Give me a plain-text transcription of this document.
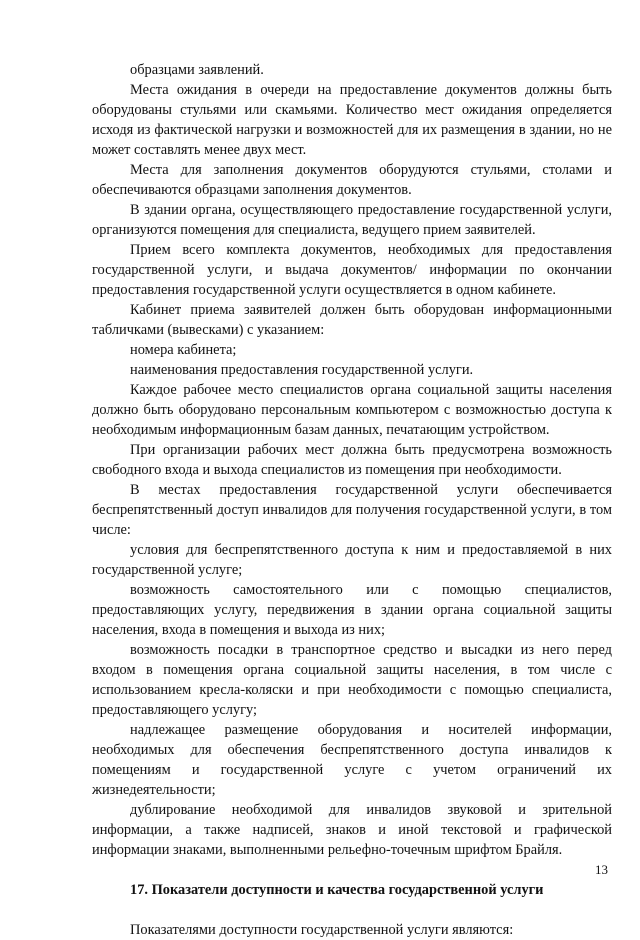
образцами заявлений.

Места ожидания в очереди на предоставление документов должны быть оборудованы стульями или скамьями. Количество мест ожидания определяется исходя из фактической нагрузки и возможностей для их размещения в здании, но не может составлять менее двух мест.

Места для заполнения документов оборудуются стульями, столами и обеспечиваются образцами заполнения документов.

В здании органа, осуществляющего предоставление государственной услуги, организуются помещения для специалиста, ведущего прием заявителей.

Прием всего комплекта документов, необходимых для предоставления государственной услуги, и выдача документов/ информации по окончании предоставления государственной услуги осуществляется в одном кабинете.

Кабинет приема заявителей должен быть оборудован информационными табличками (вывесками) с указанием:

номера кабинета;

наименования предоставления государственной услуги.

Каждое рабочее место специалистов органа социальной защиты населения должно быть оборудовано персональным компьютером с возможностью доступа к необходимым информационным базам данных, печатающим устройством.

При организации рабочих мест должна быть предусмотрена возможность свободного входа и выхода специалистов из помещения при необходимости.

В местах предоставления государственной услуги обеспечивается беспрепятственный доступ инвалидов для получения государственной услуги, в том числе:

условия для беспрепятственного доступа к ним и предоставляемой в них государственной услуге;

возможность самостоятельного или с помощью специалистов, предоставляющих услугу, передвижения в здании органа социальной защиты населения, входа в помещения и выхода из них;

возможность посадки в транспортное средство и высадки из него перед входом в помещения органа социальной защиты населения, в том числе с использованием кресла-коляски и при необходимости с помощью специалиста, предоставляющего услугу;

надлежащее размещение оборудования и носителей информации, необходимых для обеспечения беспрепятственного доступа инвалидов к помещениям и государственной услуге с учетом ограничений их жизнедеятельности;

дублирование необходимой для инвалидов звуковой и зрительной информации, а также надписей, знаков и иной текстовой и графической информации знаками, выполненными рельефно-точечным шрифтом Брайля.

17. Показатели доступности и качества государственной услуги

Показателями доступности государственной услуги являются:

13
